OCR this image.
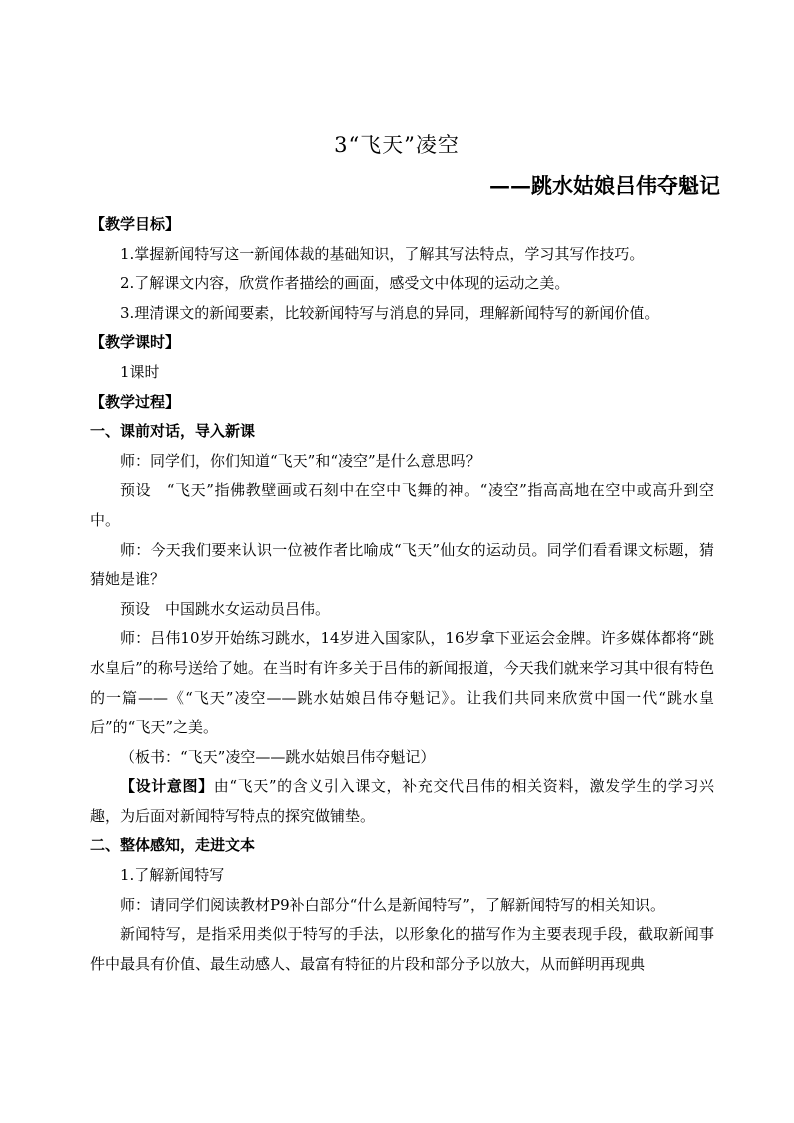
3“飞天”凌空
——跳水姑娘吕伟夺魁记

【教学目标】

1.掌握新闻特写这一新闻体裁的基础知识，了解其写法特点，学习其写作技巧。

2.了解课文内容，欣赏作者描绘的画面，感受文中体现的运动之美。

3.理清课文的新闻要素，比较新闻特写与消息的异同，理解新闻特写的新闻价值。

【教学课时】

1课时

【教学过程】

一、课前对话，导入新课

师：同学们，你们知道“飞天”和“凌空”是什么意思吗？

预设　“飞天”指佛教壁画或石刻中在空中飞舞的神。“凌空”指高高地在空中或高升到空中。

师：今天我们要来认识一位被作者比喻成“飞天”仙女的运动员。同学们看看课文标题，猜猜她是谁？

预设　中国跳水女运动员吕伟。

师：吕伟10岁开始练习跳水，14岁进入国家队，16岁拿下亚运会金牌。许多媒体都将“跳水皇后”的称号送给了她。在当时有许多关于吕伟的新闻报道，今天我们就来学习其中很有特色的一篇——《“飞天”凌空——跳水姑娘吕伟夺魁记》。让我们共同来欣赏中国一代“跳水皇后”的“飞天”之美。

（板书：“飞天”凌空——跳水姑娘吕伟夺魁记）

【设计意图】由“飞天”的含义引入课文，补充交代吕伟的相关资料，激发学生的学习兴趣，为后面对新闻特写特点的探究做铺垫。

二、整体感知，走进文本

1.了解新闻特写

师：请同学们阅读教材P9补白部分“什么是新闻特写”，了解新闻特写的相关知识。

新闻特写，是指采用类似于特写的手法，以形象化的描写作为主要表现手段，截取新闻事件中最具有价值、最生动感人、最富有特征的片段和部分予以放大，从而鲜明再现典
